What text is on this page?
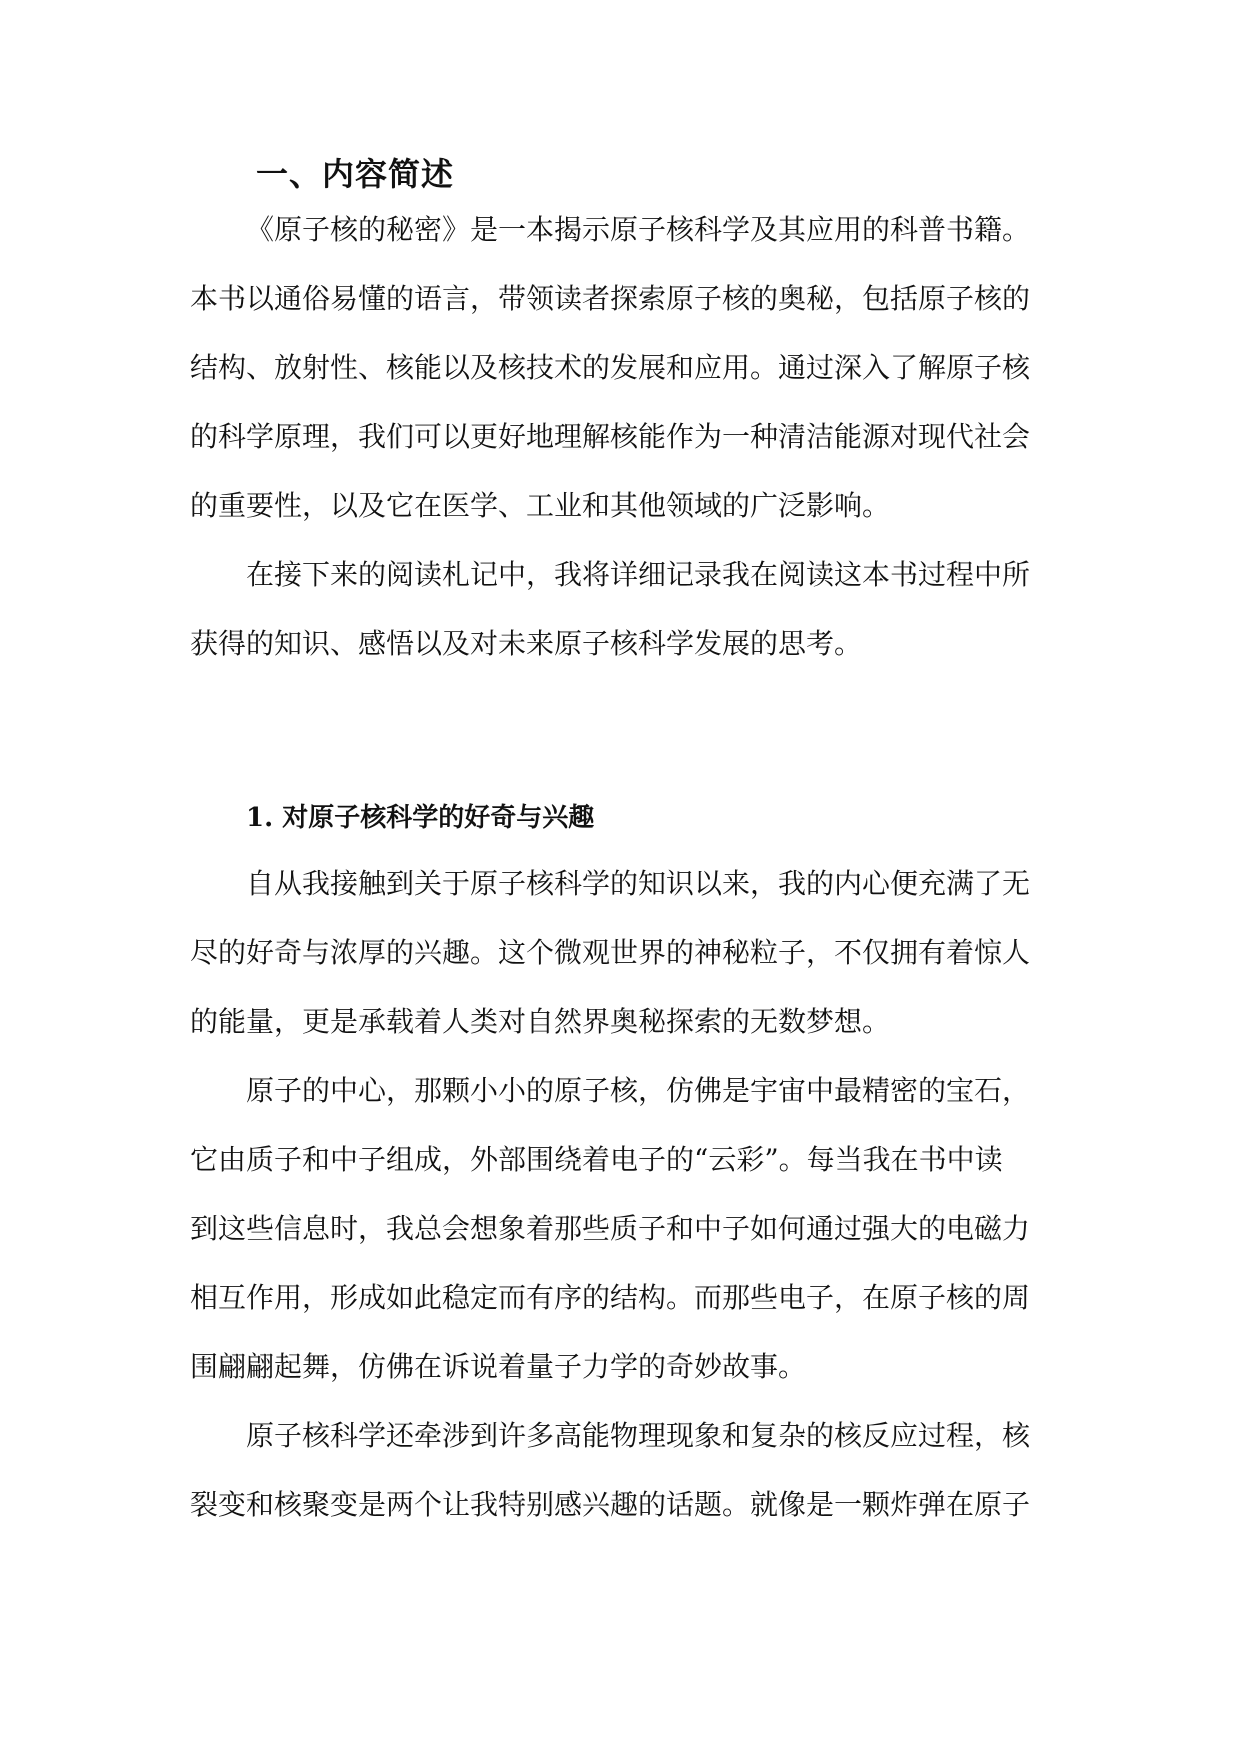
一、内容简述
《原子核的秘密》是一本揭示原子核科学及其应用的科普书籍。
本书以通俗易懂的语言，带领读者探索原子核的奥秘，包括原子核的
结构、放射性、核能以及核技术的发展和应用。通过深入了解原子核
的科学原理，我们可以更好地理解核能作为一种清洁能源对现代社会
的重要性，以及它在医学、工业和其他领域的广泛影响。
在接下来的阅读札记中，我将详细记录我在阅读这本书过程中所
获得的知识、感悟以及对未来原子核科学发展的思考。
1. 对原子核科学的好奇与兴趣
自从我接触到关于原子核科学的知识以来，我的内心便充满了无
尽的好奇与浓厚的兴趣。这个微观世界的神秘粒子，不仅拥有着惊人
的能量，更是承载着人类对自然界奥秘探索的无数梦想。
原子的中心，那颗小小的原子核，仿佛是宇宙中最精密的宝石，
它由质子和中子组成，外部围绕着电子的“云彩”。每当我在书中读
到这些信息时，我总会想象着那些质子和中子如何通过强大的电磁力
相互作用，形成如此稳定而有序的结构。而那些电子，在原子核的周
围翩翩起舞，仿佛在诉说着量子力学的奇妙故事。
原子核科学还牵涉到许多高能物理现象和复杂的核反应过程，核
裂变和核聚变是两个让我特别感兴趣的话题。就像是一颗炸弹在原子
